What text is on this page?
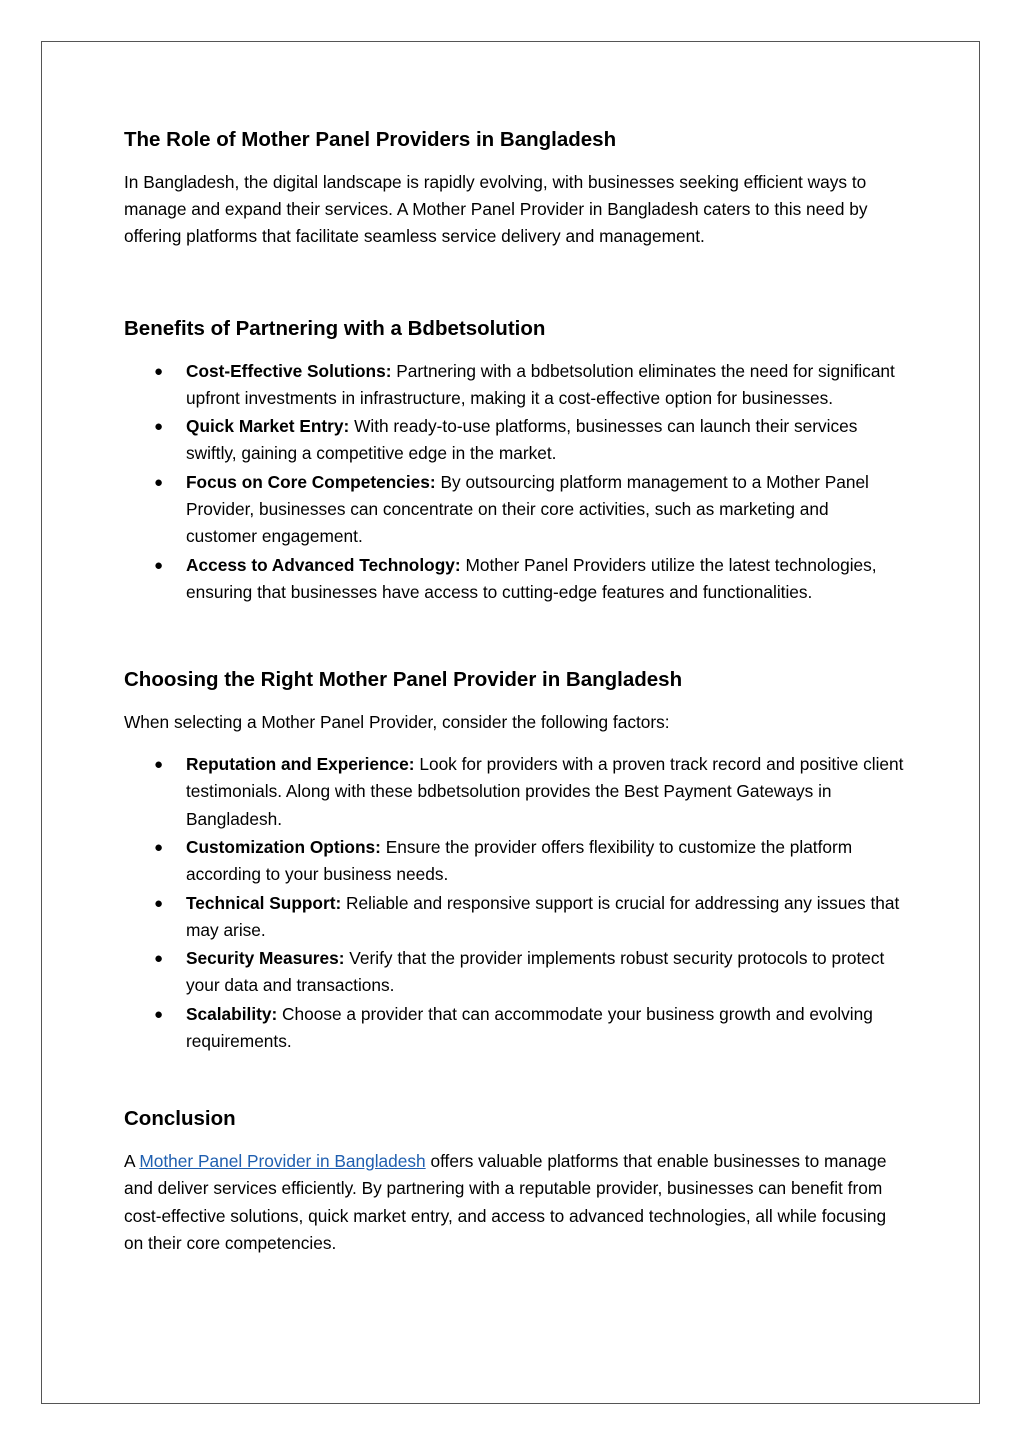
The Role of Mother Panel Providers in Bangladesh

In Bangladesh, the digital landscape is rapidly evolving, with businesses seeking efficient ways to manage and expand their services. A Mother Panel Provider in Bangladesh caters to this need by offering platforms that facilitate seamless service delivery and management.

Benefits of Partnering with a Bdbetsolution
● Cost-Effective Solutions: Partnering with a bdbetsolution eliminates the need for significant upfront investments in infrastructure, making it a cost-effective option for businesses.
● Quick Market Entry: With ready-to-use platforms, businesses can launch their services swiftly, gaining a competitive edge in the market.
● Focus on Core Competencies: By outsourcing platform management to a Mother Panel Provider, businesses can concentrate on their core activities, such as marketing and customer engagement.
● Access to Advanced Technology: Mother Panel Providers utilize the latest technologies, ensuring that businesses have access to cutting-edge features and functionalities.
Choosing the Right Mother Panel Provider in Bangladesh

When selecting a Mother Panel Provider, consider the following factors:

● Reputation and Experience: Look for providers with a proven track record and positive client testimonials. Along with these bdbetsolution provides the Best Payment Gateways in Bangladesh.
● Customization Options: Ensure the provider offers flexibility to customize the platform according to your business needs.
● Technical Support: Reliable and responsive support is crucial for addressing any issues that may arise.
● Security Measures: Verify that the provider implements robust security protocols to protect your data and transactions.
● Scalability: Choose a provider that can accommodate your business growth and evolving requirements.
Conclusion

A Mother Panel Provider in Bangladesh offers valuable platforms that enable businesses to manage and deliver services efficiently. By partnering with a reputable provider, businesses can benefit from cost-effective solutions, quick market entry, and access to advanced technologies, all while focusing on their core competencies.
